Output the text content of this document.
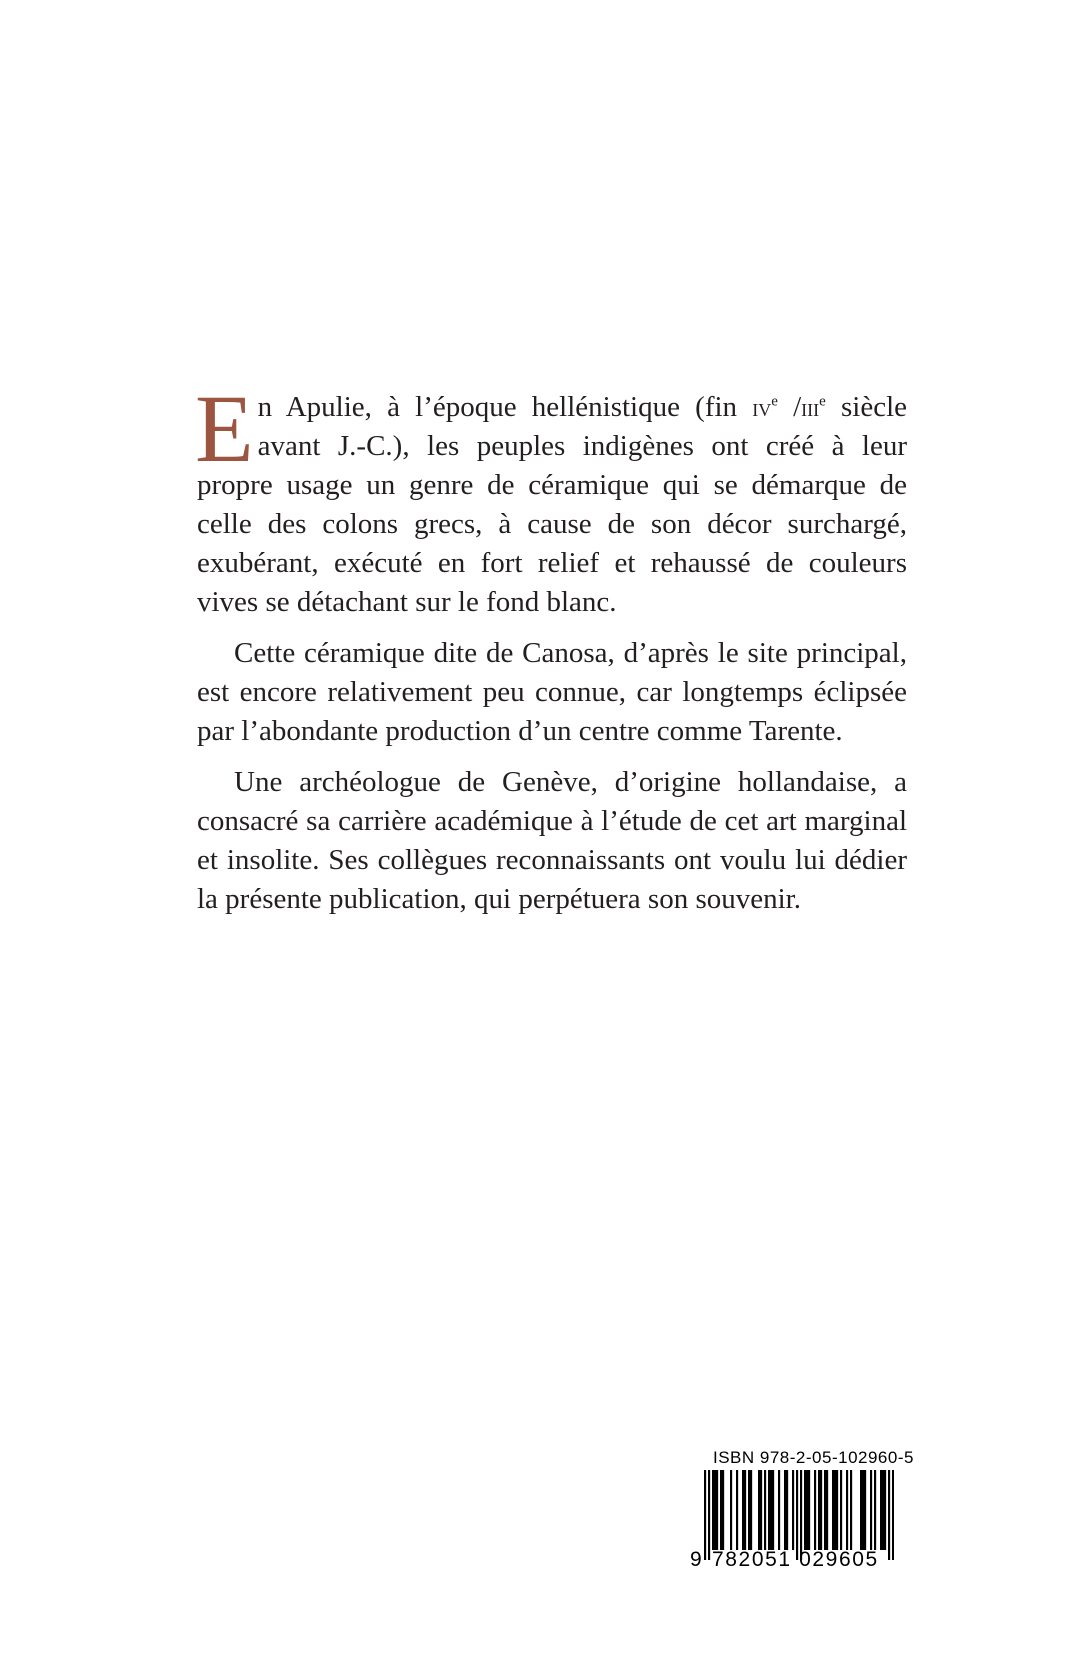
E n Apulie, à l’époque hellénistique (fin $iv^e$ /iii$^e$ siècle avant J.-C.), les peuples indigènes ont créé à leur propre usage un genre de céramique qui se démarque de celle des colons grecs, à cause de son décor surchargé, exubérant, exécuté en fort relief et rehaussé de couleurs vives se détachant sur le fond blanc.

Cette céramique dite de Canosa, d’après le site principal, est encore relativement peu connue, car longtemps éclipsée par l’abondante production d’un centre comme Tarente.

Une archéologue de Genève, d’origine hollandaise, a consacré sa carrière académique à l’étude de cet art marginal et insolite. Ses collègues reconnaissants ont voulu lui dédier la présente publication, qui perpétuera son souvenir.

ISBN 978-2-05-102960-5
9 782051 029605
